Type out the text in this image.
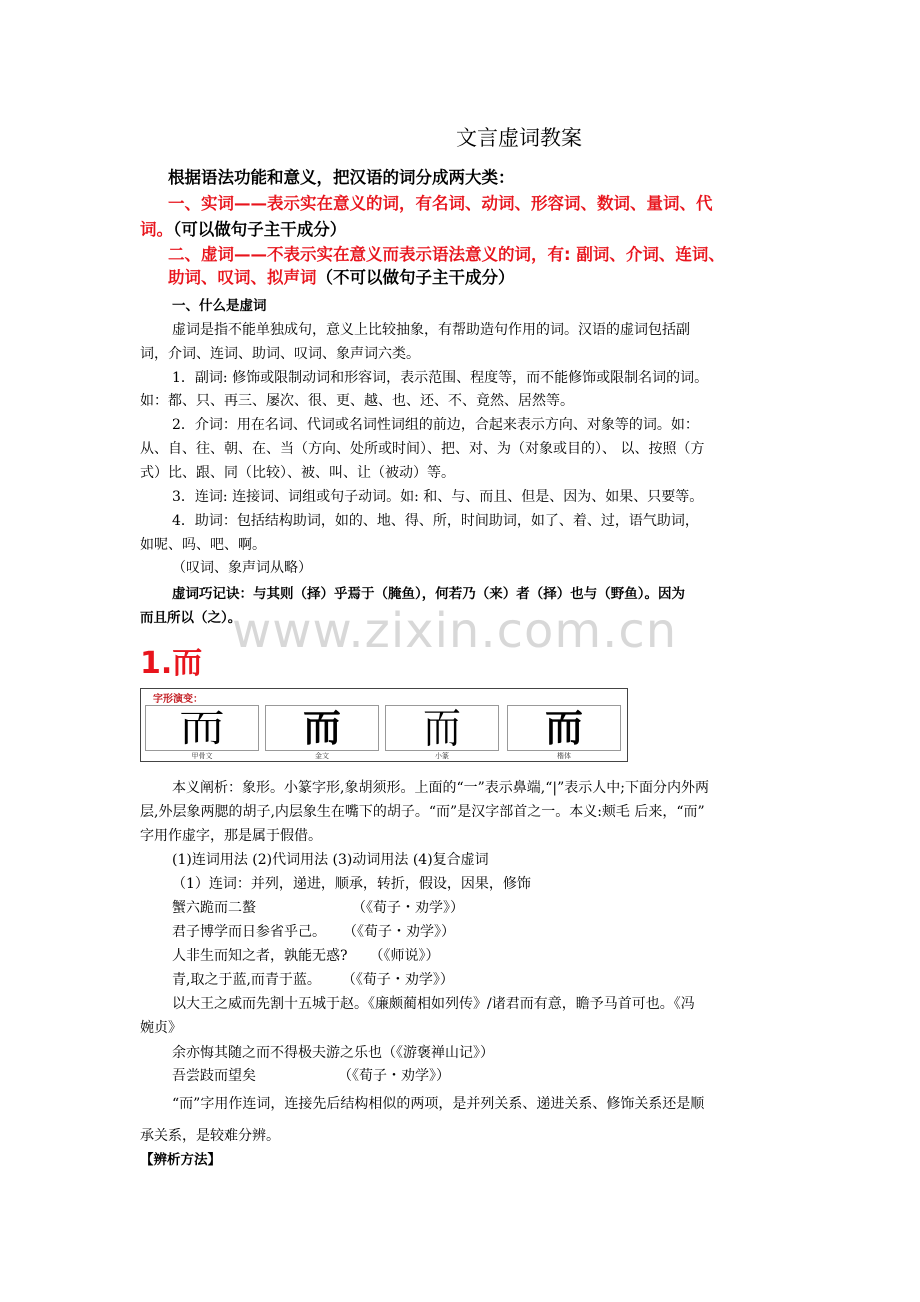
文言虚词教案
根据语法功能和意义，把汉语的词分成两大类：
一、实词——表示实在意义的词，有名词、动词、形容词、数词、量词、代
词。（可以做句子主干成分）
二、虚词——不表示实在意义而表示语法意义的词，有: 副词、介词、连词、
助词、叹词、拟声词（不可以做句子主干成分）
一、什么是虚词
虚词是指不能单独成句，意义上比较抽象，有帮助造句作用的词。汉语的虚词包括副
词，介词、连词、助词、叹词、象声词六类。
1．副词: 修饰或限制动词和形容词，表示范围、程度等，而不能修饰或限制名词的词。
如：都、只、再三、屡次、很、更、越、也、还、不、竟然、居然等。
2．介词：用在名词、代词或名词性词组的前边，合起来表示方向、对象等的词。如：
从、自、往、朝、在、当（方向、处所或时间）、把、对、为（对象或目的）、 以、按照（方
式）比、跟、同（比较）、被、叫、让（被动）等。
3．连词: 连接词、词组或句子动词。如: 和、与、而且、但是、因为、如果、只要等。
4．助词：包括结构助词，如的、地、得、所，时间助词，如了、着、过，语气助词，
如呢、吗、吧、啊。
（叹词、象声词从略）
虚词巧记诀：与其则（择）乎焉于（腌鱼），何若乃（来）者（择）也与（野鱼）。因为
而且所以（之）。
www.zixin.com.cn
1.而
字形演变：
而
甲骨文
而
金文
而
小篆
而
楷体
本义阐析：象形。小篆字形,象胡须形。上面的“一”表示鼻端,“|”表示人中;下面分内外两
层,外层象两腮的胡子,内层象生在嘴下的胡子。“而”是汉字部首之一。本义:颊毛 后来，“而”
字用作虚字，那是属于假借。
(1)连词用法 (2)代词用法 (3)动词用法 (4)复合虚词
（1）连词：并列，递进，顺承，转折，假设，因果，修饰
蟹六跪而二螯	（《荀子・劝学》）
君子博学而日参省乎己。 （《荀子・劝学》）
人非生而知之者，孰能无惑? （《师说》）
青,取之于蓝,而青于蓝。 （《荀子・劝学》）
以大王之威而先割十五城于赵。《廉颇蔺相如列传》/诸君而有意，瞻予马首可也。《冯
婉贞》
余亦悔其随之而不得极夫游之乐也（《游褒禅山记》）
吾尝跂而望矣	（《荀子・劝学》）
“而”字用作连词，连接先后结构相似的两项，是并列关系、递进关系、修饰关系还是顺
承关系，是较难分辨。
【辨析方法】
